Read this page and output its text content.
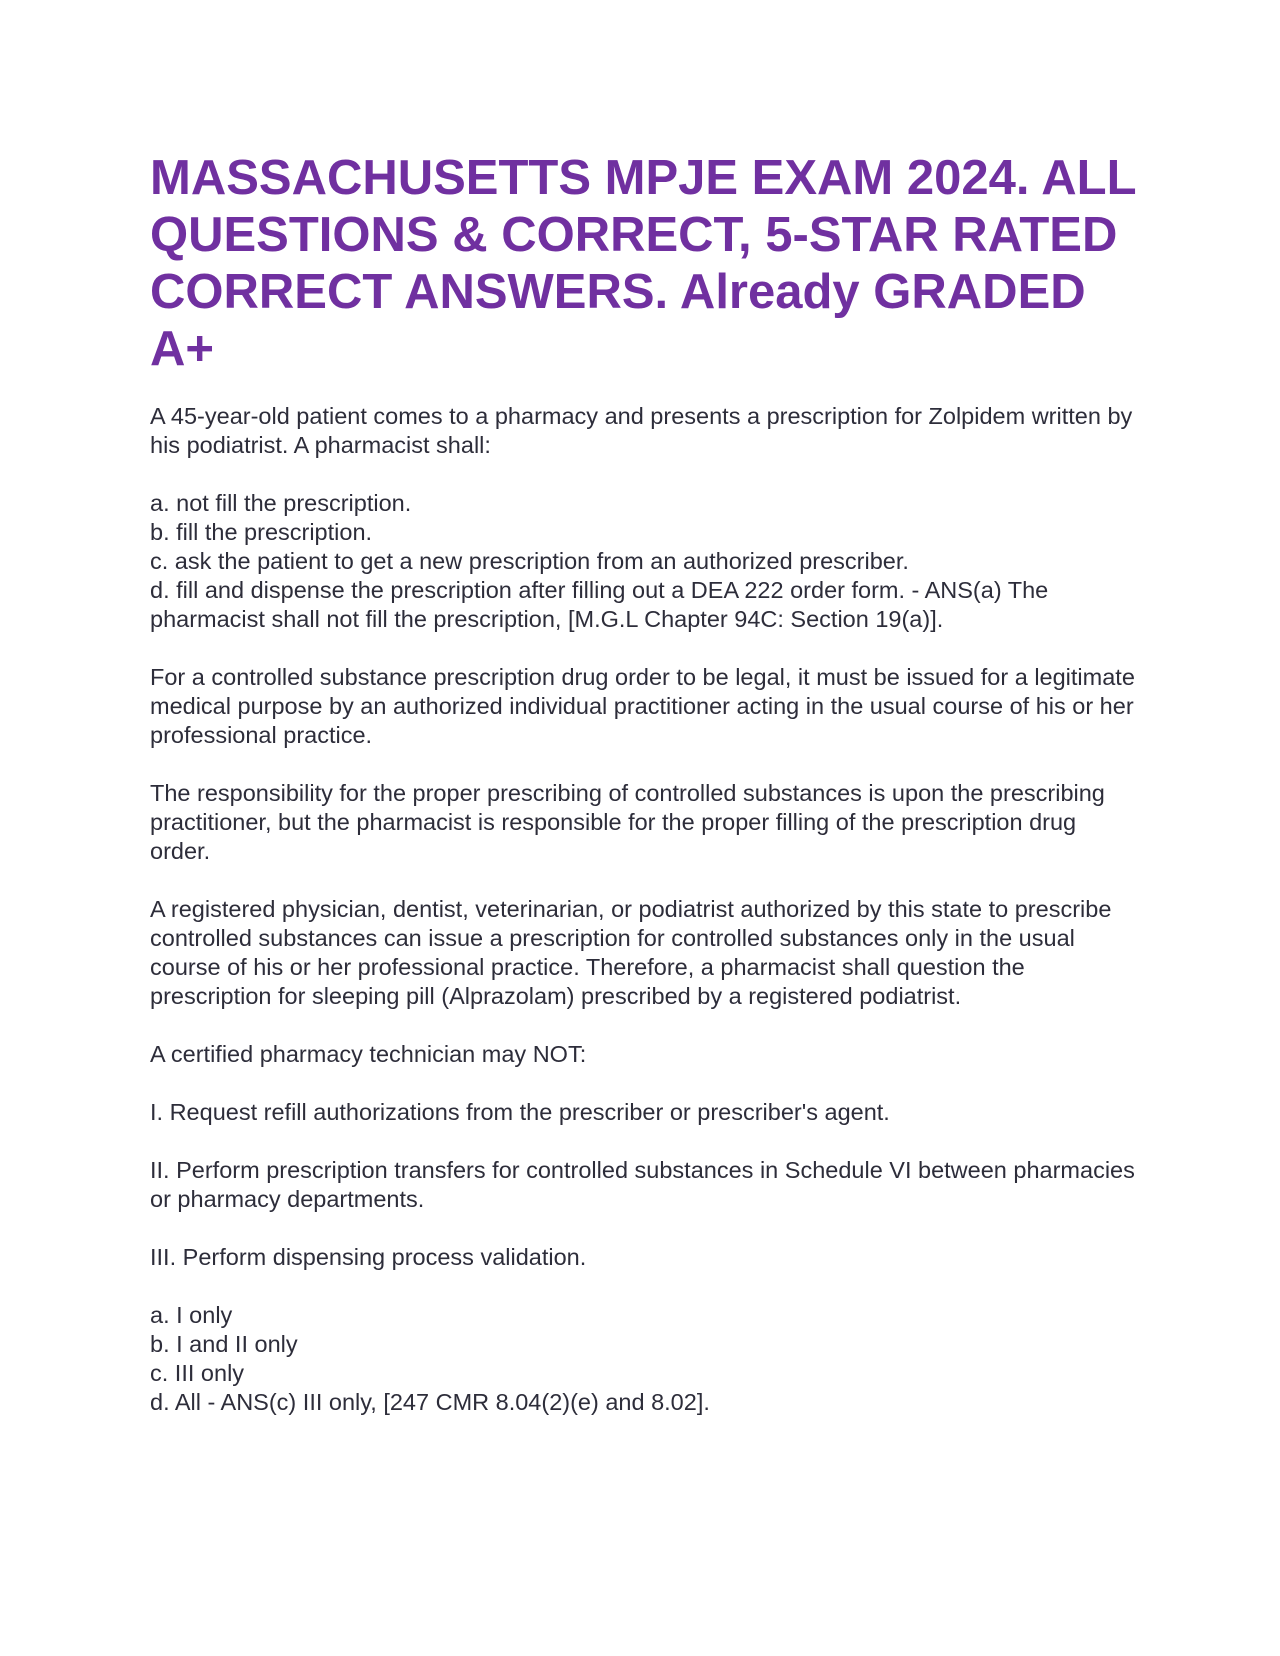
MASSACHUSETTS MPJE EXAM 2024. ALL QUESTIONS & CORRECT, 5-STAR RATED CORRECT ANSWERS. Already GRADED A+

A 45-year-old patient comes to a pharmacy and presents a prescription for Zolpidem written by his podiatrist. A pharmacist shall:

a. not fill the prescription.
b. fill the prescription.
c. ask the patient to get a new prescription from an authorized prescriber.
d. fill and dispense the prescription after filling out a DEA 222 order form. - ANS(a) The pharmacist shall not fill the prescription, [M.G.L Chapter 94C: Section 19(a)].

For a controlled substance prescription drug order to be legal, it must be issued for a legitimate medical purpose by an authorized individual practitioner acting in the usual course of his or her professional practice.

The responsibility for the proper prescribing of controlled substances is upon the prescribing practitioner, but the pharmacist is responsible for the proper filling of the prescription drug order.

A registered physician, dentist, veterinarian, or podiatrist authorized by this state to prescribe controlled substances can issue a prescription for controlled substances only in the usual course of his or her professional practice. Therefore, a pharmacist shall question the prescription for sleeping pill (Alprazolam) prescribed by a registered podiatrist.

A certified pharmacy technician may NOT:

I. Request refill authorizations from the prescriber or prescriber's agent.

II. Perform prescription transfers for controlled substances in Schedule VI between pharmacies or pharmacy departments.

III. Perform dispensing process validation.

a. I only
b. I and II only
c. III only
d. All - ANS(c) III only, [247 CMR 8.04(2)(e) and 8.02].
